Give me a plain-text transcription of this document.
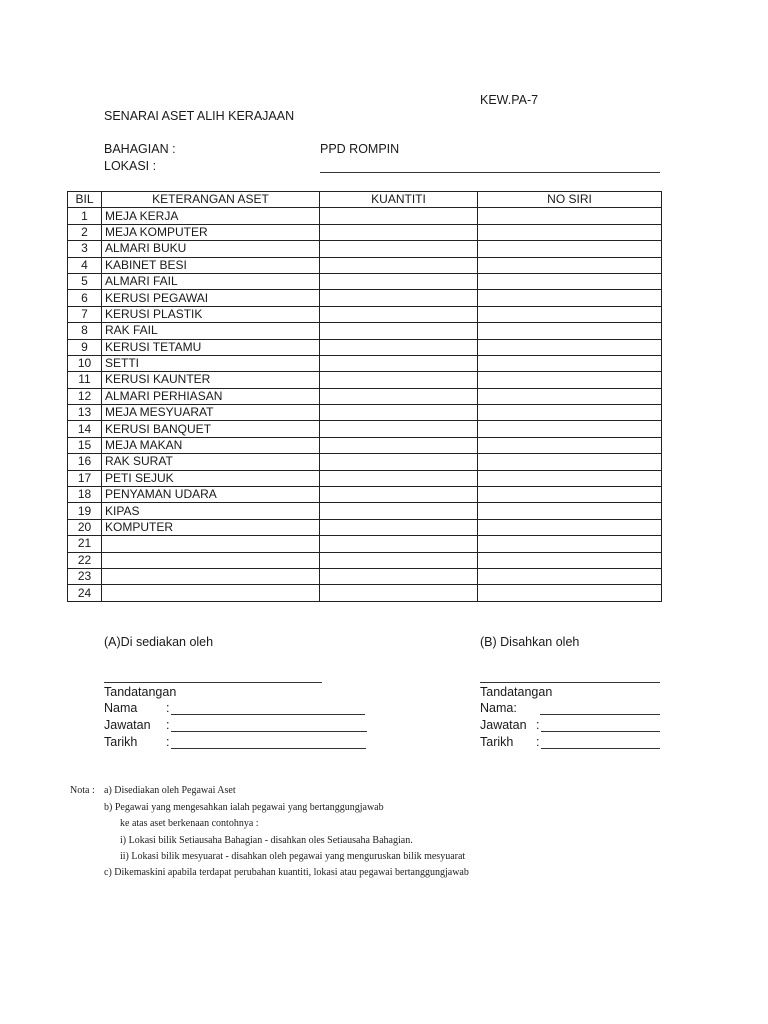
KEW.PA-7
SENARAI ASET ALIH KERAJAAN
BAHAGIAN :	PPD ROMPIN
LOKASI :
BIL	KETERANGAN ASET	KUANTITI	NO SIRI
1	MEJA KERJA		
2	MEJA KOMPUTER		
3	ALMARI BUKU		
4	KABINET BESI		
5	ALMARI FAIL		
6	KERUSI PEGAWAI		
7	KERUSI PLASTIK		
8	RAK FAIL		
9	KERUSI TETAMU		
10	SETTI		
11	KERUSI KAUNTER		
12	ALMARI PERHIASAN		
13	MEJA MESYUARAT		
14	KERUSI BANQUET		
15	MEJA MAKAN		
16	RAK SURAT		
17	PETI SEJUK		
18	PENYAMAN UDARA		
19	KIPAS		
20	KOMPUTER		
21			
22			
23			
24			
(A)Di sediakan oleh
Tandatangan
Nama :
Jawatan :
Tarikh :
(B) Disahkan oleh
Tandatangan
Nama:
Jawatan :
Tarikh :
Nota : a) Disediakan oleh Pegawai Aset
b) Pegawai yang mengesahkan ialah pegawai yang bertanggungjawab
ke atas aset berkenaan contohnya :
i) Lokasi bilik Setiausaha Bahagian - disahkan oles Setiausaha Bahagian.
ii) Lokasi bilik mesyuarat - disahkan oleh pegawai yang menguruskan bilik mesyuarat
c) Dikemaskini apabila terdapat perubahan kuantiti, lokasi atau pegawai bertanggungjawab
